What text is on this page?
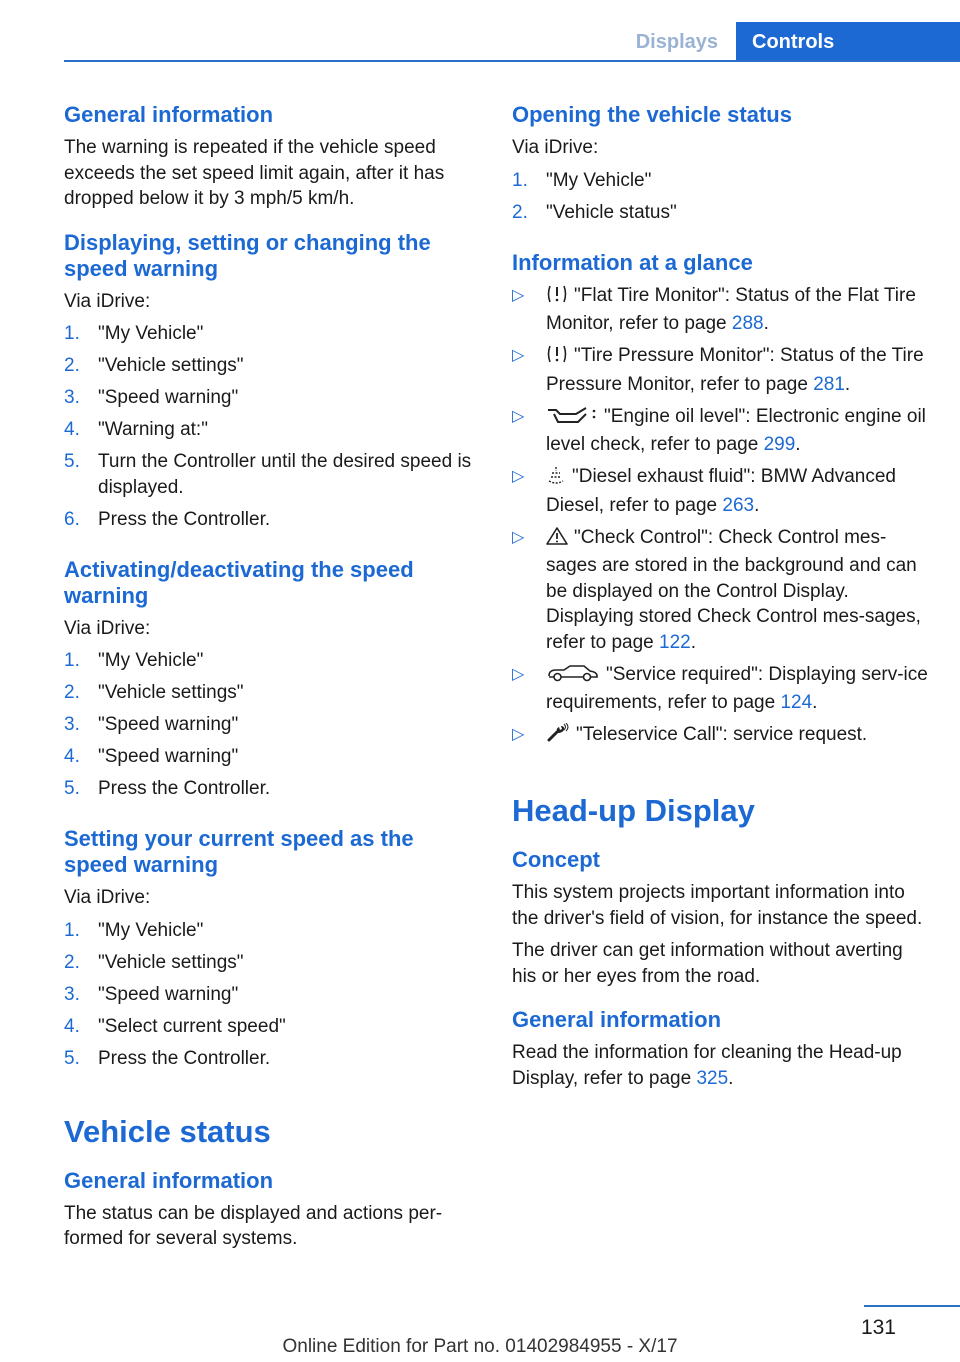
Displays	Controls
General information

The warning is repeated if the vehicle speed exceeds the set speed limit again, after it has dropped below it by 3 mph/5 km/h.

Displaying, setting or changing the speed warning

Via iDrive:

1. "My Vehicle"
2. "Vehicle settings"
3. "Speed warning"
4. "Warning at:"
5. Turn the Controller until the desired speed is displayed.
6. Press the Controller.
Activating/deactivating the speed warning

Via iDrive:

1. "My Vehicle"
2. "Vehicle settings"
3. "Speed warning"
4. "Speed warning"
5. Press the Controller.
Setting your current speed as the speed warning

Via iDrive:

1. "My Vehicle"
2. "Vehicle settings"
3. "Speed warning"
4. "Select current speed"
5. Press the Controller.
Vehicle status
General information

The status can be displayed and actions per-formed for several systems.

Opening the vehicle status

Via iDrive:

1. "My Vehicle"
2. "Vehicle status"
Information at a glance
▷	"Flat Tire Monitor": Status of the Flat Tire Monitor, refer to page 288.
▷	"Tire Pressure Monitor": Status of the Tire Pressure Monitor, refer to page 281.
▷	"Engine oil level": Electronic engine oil level check, refer to page 299.
▷	"Diesel exhaust fluid": BMW Advanced Diesel, refer to page 263.
▷	"Check Control": Check Control mes-sages are stored in the background and can be displayed on the Control Display. Displaying stored Check Control mes-sages, refer to page 122.
▷	"Service required": Displaying serv-ice requirements, refer to page 124.
▷	"Teleservice Call": service request.
Head-up Display
Concept

This system projects important information into the driver's field of vision, for instance the speed.

The driver can get information without averting his or her eyes from the road.

General information

Read the information for cleaning the Head-up Display, refer to page 325.

131
Online Edition for Part no. 01402984955 - X/17
